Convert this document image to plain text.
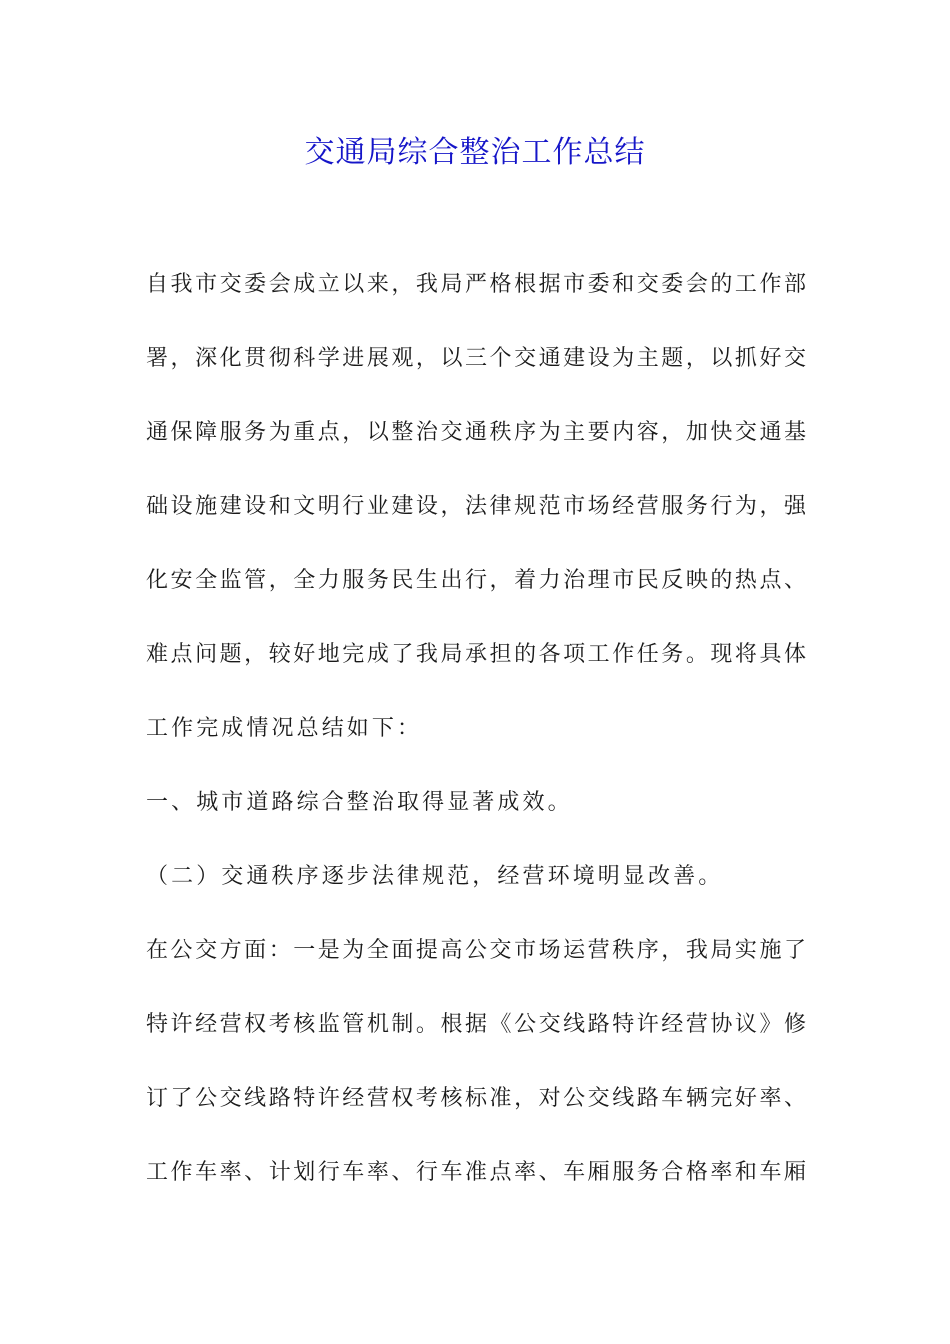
交通局综合整治工作总结

自我市交委会成立以来，我局严格根据市委和交委会的工作部

署，深化贯彻科学进展观，以三个交通建设为主题，以抓好交

通保障服务为重点，以整治交通秩序为主要内容，加快交通基

础设施建设和文明行业建设，法律规范市场经营服务行为，强

化安全监管，全力服务民生出行，着力治理市民反映的热点、

难点问题，较好地完成了我局承担的各项工作任务。现将具体

工作完成情况总结如下：

一、城市道路综合整治取得显著成效。

（二）交通秩序逐步法律规范，经营环境明显改善。

在公交方面：一是为全面提高公交市场运营秩序，我局实施了

特许经营权考核监管机制。根据《公交线路特许经营协议》修

订了公交线路特许经营权考核标准，对公交线路车辆完好率、

工作车率、计划行车率、行车准点率、车厢服务合格率和车厢
